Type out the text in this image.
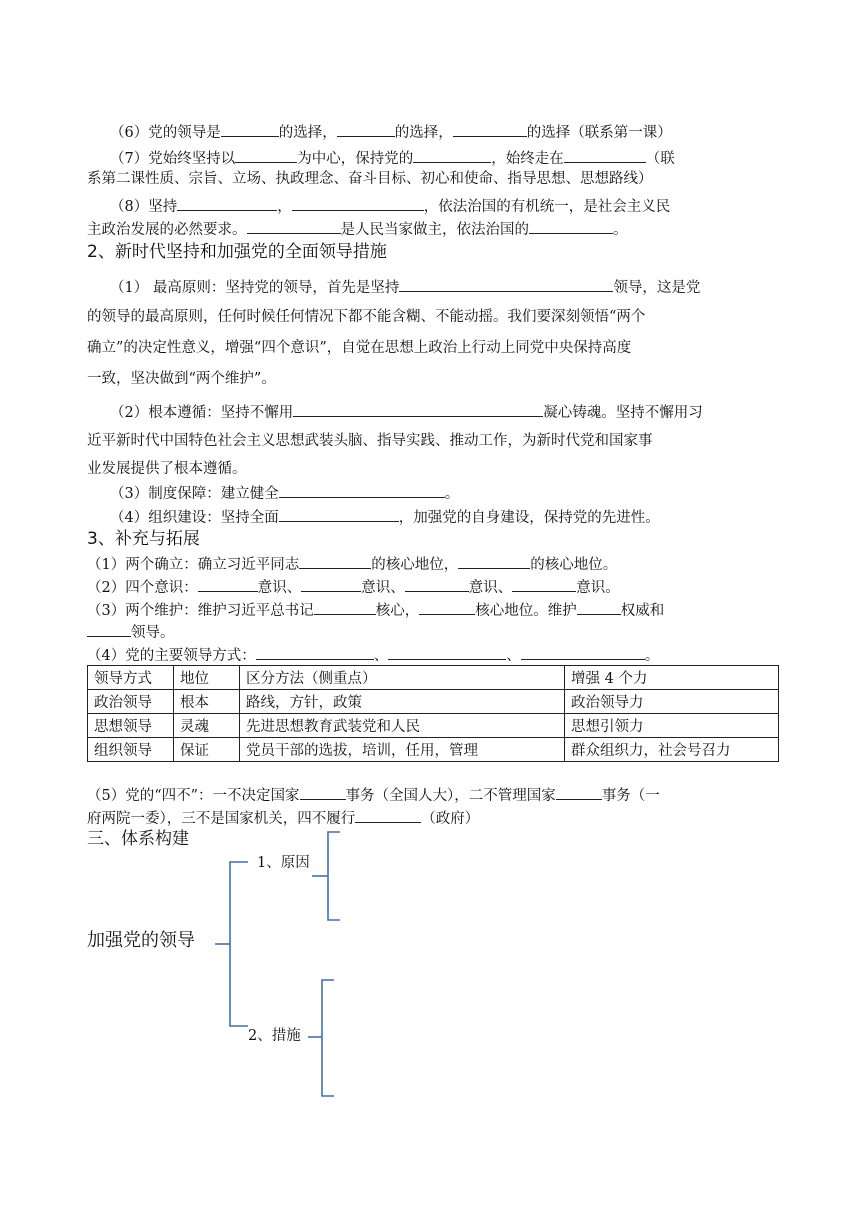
（6）党的领导是	的选择，	的选择，	的选择（联系第一课）
（7）党始终坚持以	为中心，保持党的	，始终走在	（联
系第二课性质、宗旨、立场、执政理念、奋斗目标、初心和使命、指导思想、思想路线）
（8）坚持	，	，依法治国的有机统一，是社会主义民
主政治发展的必然要求。	是人民当家做主，依法治国的	。
2、新时代坚持和加强党的全面领导措施
（1） 最高原则：坚持党的领导，首先是坚持	领导，这是党
的领导的最高原则，任何时候任何情况下都不能含糊、不能动摇。我们要深刻领悟“两个
确立”的决定性意义，增强“四个意识”，自觉在思想上政治上行动上同党中央保持高度
一致，坚决做到“两个维护”。
（2）根本遵循：坚持不懈用	凝心铸魂。坚持不懈用习
近平新时代中国特色社会主义思想武装头脑、指导实践、推动工作，为新时代党和国家事
业发展提供了根本遵循。
（3）制度保障：建立健全	。
（4）组织建设：坚持全面	，加强党的自身建设，保持党的先进性。
3、补充与拓展
（1）两个确立：确立习近平同志	的核心地位，	的核心地位。
（2）四个意识：	意识、	意识、	意识、	意识。
（3）两个维护：维护习近平总书记	核心，	核心地位。维护	权威和
领导。
（4）党的主要领导方式：	、	、	。
领导方式	地位	区分方法（侧重点）	增强 4 个力
政治领导	根本	路线，方针，政策	政治领导力
思想领导	灵魂	先进思想教育武装党和人民	思想引领力
组织领导	保证	党员干部的选拔，培训，任用，管理	群众组织力，社会号召力
（5）党的“四不”：一不决定国家	事务（全国人大），二不管理国家	事务（一
府两院一委），三不是国家机关，四不履行	（政府）
三、体系构建
加强党的领导
1、原因
2、措施
